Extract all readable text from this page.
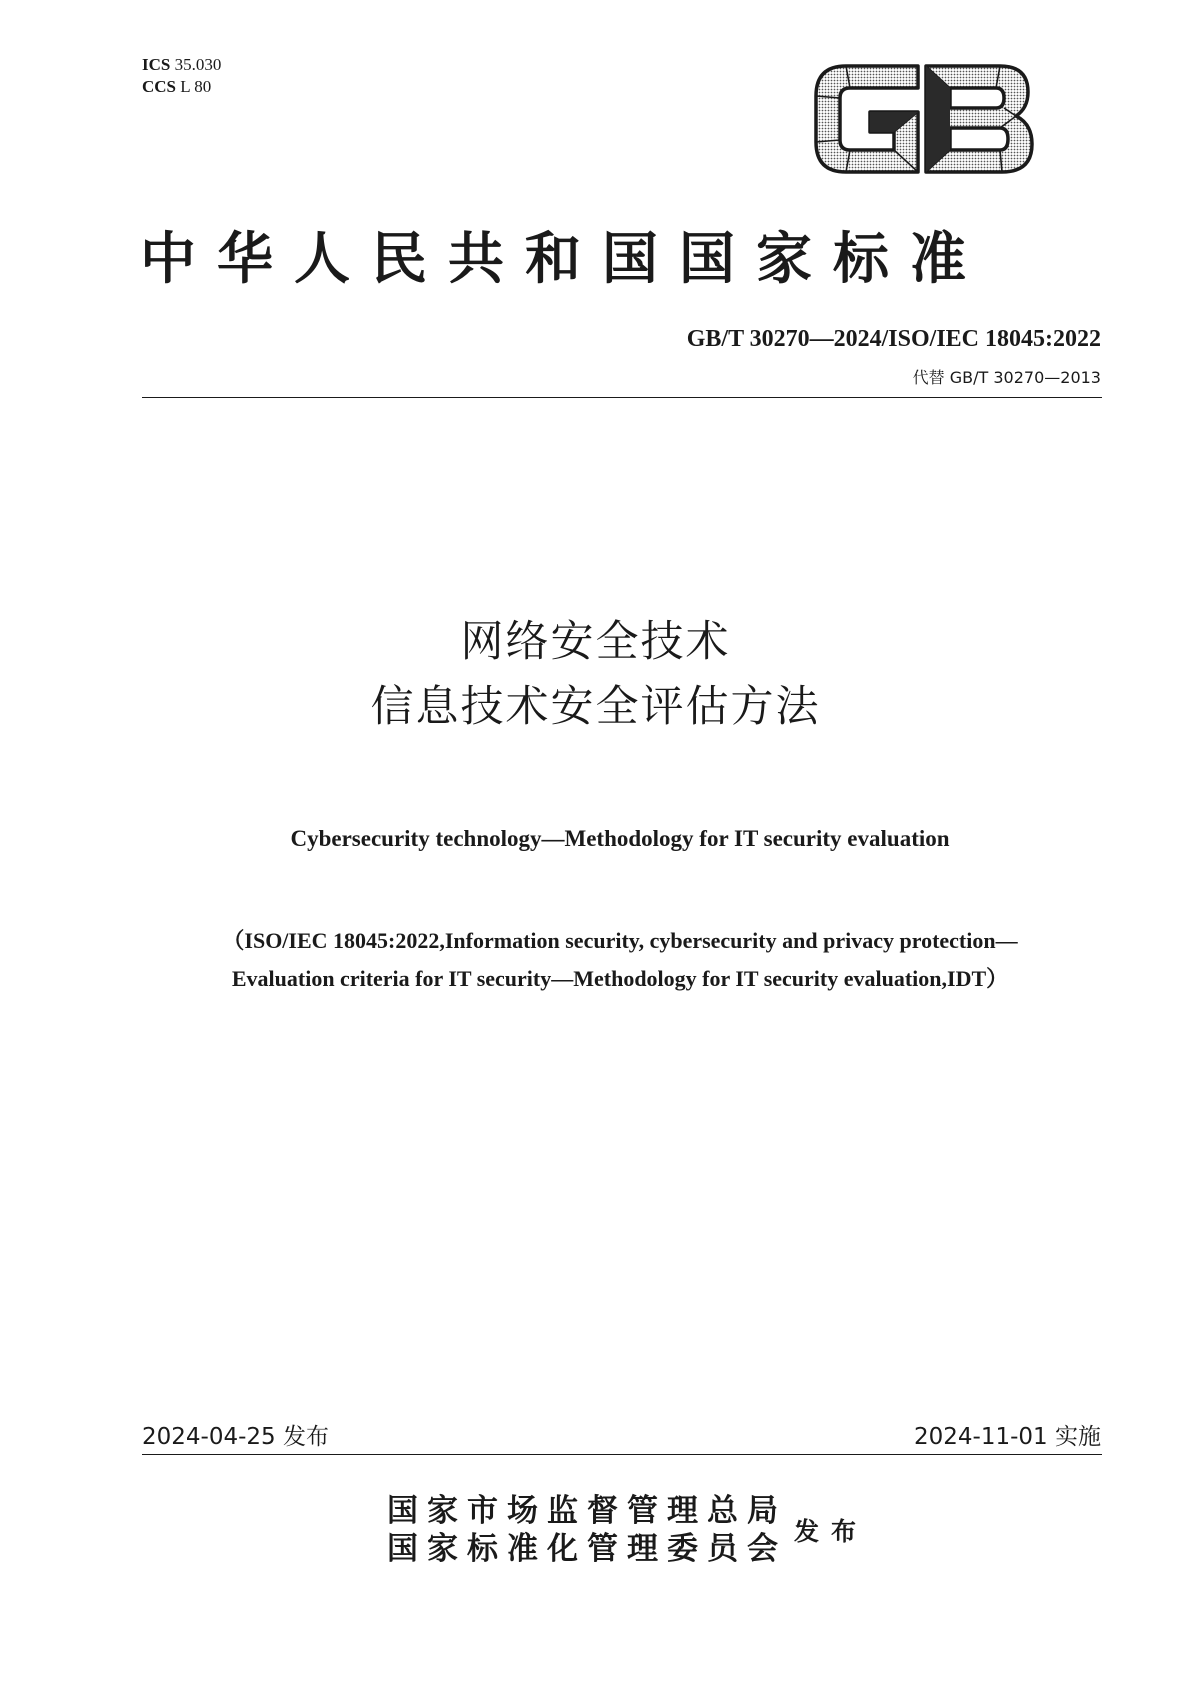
ICS 35.030
CCS L 80
中华人民共和国国家标准
GB/T 30270—2024/ISO/IEC 18045:2022
代替 GB/T 30270—2013
网络安全技术
信息技术安全评估方法
Cybersecurity technology—Methodology for IT security evaluation
（ISO/IEC 18045:2022,Information security, cybersecurity and privacy protection—
Evaluation criteria for IT security—Methodology for IT security evaluation,IDT）
2024-04-25 发布	2024-11-01 实施
国家市场监督管理总局
国家标准化管理委员会 发布
